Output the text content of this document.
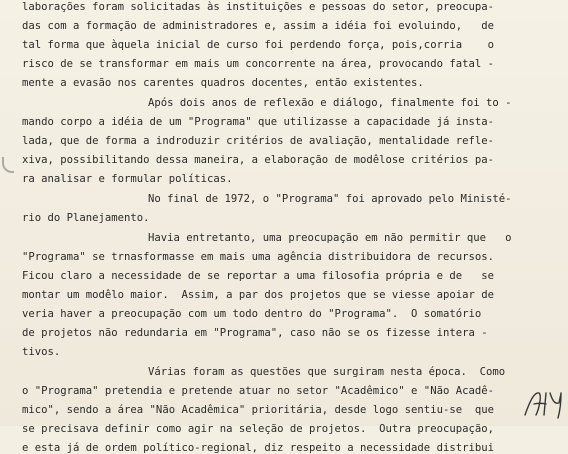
laborações foram solicitadas às instituições e pessoas do setor, preocupa-
das com a formação de administradores e, assim a idéia foi evoluindo,   de
tal forma que àquela inicial de curso foi perdendo força, pois,corria    o
risco de se transformar em mais um concorrente na área, provocando fatal -
mente a evasão nos carentes quadros docentes, então existentes.
Após dois anos de reflexão e diálogo, finalmente foi to -
mando corpo a idéia de um "Programa" que utilizasse a capacidade já insta-
lada, que de forma a indroduzir critérios de avaliação, mentalidade refle-
xiva, possibilitando dessa maneira, a elaboração de modêlose critérios pa-
ra analisar e formular políticas.
No final de 1972, o "Programa" foi aprovado pelo Ministé-
rio do Planejamento.
Havia entretanto, uma preocupação em não permitir que   o
"Programa" se trnasformasse em mais uma agência distribuidora de recursos.
Ficou claro a necessidade de se reportar a uma filosofia própria e de   se
montar um modêlo maior.  Assim, a par dos projetos que se viesse apoiar de
veria haver a preocupação com um todo dentro do "Programa".  O somatório
de projetos não redundaria em "Programa", caso não se os fizesse intera -
tivos.
Várias foram as questões que surgiram nesta época.  Como
o "Programa" pretendia e pretende atuar no setor "Acadêmico" e "Não Acadê-
mico", sendo a área "Não Acadêmica" prioritária, desde logo sentiu-se  que
se precisava definir como agir na seleção de projetos.  Outra preocupação,
e esta já de ordem político-regional, diz respeito a necessidade distribui
